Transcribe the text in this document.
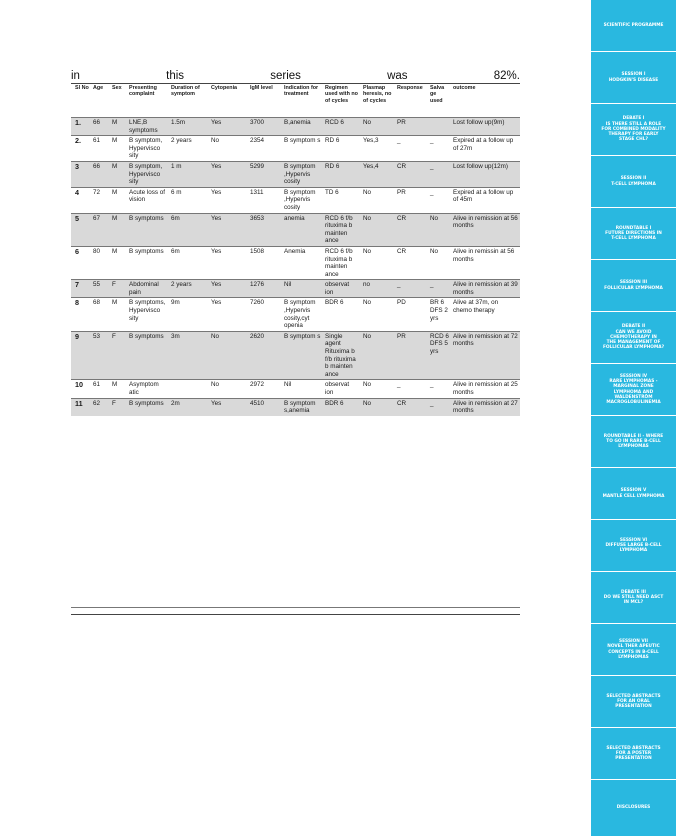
SCIENTIFIC PROGRAMME
SESSION I
HODGKIN'S DISEASE
DEBATE I
IS THERE STILL A ROLE
FOR COMBINED MODALITY
THERAPY FOR EARLY
STAGE CHL?
SESSION II
T-CELL LYMPHOMA
ROUNDTABLE I
FUTURE DIRECTIONS IN
T-CELL LYMPHOMA
SESSION III
FOLLICULAR LYMPHOMA
DEBATE II
CAN WE AVOID
CHEMOTHERAPY IN
THE MANAGEMENT OF
FOLLICULAR LYMPHOMA?
SESSION IV
RARE LYMPHOMAS -
MARGINAL ZONE
LYMPHOMA AND
WALDENSTRÖM
MACROGLOBULINEMIA
ROUNDTABLE II - WHERE
TO GO IN RARE B-CELL
LYMPHOMAS
SESSION V
MANTLE CELL LYMPHOMA
SESSION VI
DIFFUSE LARGE B-CELL
LYMPHOMA
DEBATE III
DO WE STILL NEED ASCT
IN MCL?
SESSION VII
NOVEL THER APEUTIC
CONCEPTS IN B-CELL
LYMPHOMAS
SELECTED ABSTRACTS
FOR AN ORAL
PRESENTATION
SELECTED ABSTRACTS
FOR A POSTER
PRESENTATION
DISCLOSURES
in	this	series	was	82%.
Sl No	Age	Sex	Presenting complaint	Duration of symptom	Cytopenia	IgM level	Indication for treatment	Regimen used with no of cycles	Plasmap heresis, no of cycles	Response	Salva ge used	outcome
1.	66	M	LNE,B symptoms	1.5m	Yes	3700	B,anemia	RCD 6	No	PR		Lost follow up(9m)
2.	61	M	B symptom, Hypervisco sity	2 years	No	2354	B symptom s	RD 6	Yes,3	_	_	Expired at a follow up of 27m
3	66	M	B symptom, Hypervisco sity	1 m	Yes	5299	B symptom ,Hypervis cosity	RD 6	Yes,4	CR	_	Lost follow up(12m)
4	72	M	Acute loss of vision	6 m	Yes	1311	B symptom ,Hypervis cosity	TD 6	No	PR	_	Expired at a follow up of 45m
5	67	M	B symptoms	6m	Yes	3653	anemia	RCD 6 f/b rituxima b mainten ance	No	CR	No	Alive in remission at 56 months
6	80	M	B symptoms	6m	Yes	1508	Anemia	RCD 6 f/b rituxima b mainten ance	No	CR	No	Alive in remissin at 56 months
7	55	F	Abdominal pain	2 years	Yes	1276	Nil	observat ion	no	_	_	Alive in remission at 39 months
8	68	M	B symptoms, Hypervisco sity	9m	Yes	7260	B symptom ,Hypervis cosity,cyt openia	BDR 6	No	PD	BR 6 DFS 2 yrs	Alive at 37m, on chemo therapy
9	53	F	B symptoms	3m	No	2620	B symptom s	Single agent Rituxima b f/b rituxima b mainten ance	No	PR	RCD 6 DFS 5 yrs	Alive in remission at 72 months
10	61	M	Asymptom atic		No	2972	Nil	observat ion	No	_	_	Alive in remission at 25 months
11	62	F	B symptoms	2m	Yes	4510	B symptom s,anemia	BDR 6	No	CR	_	Alive in remission at 27 months
